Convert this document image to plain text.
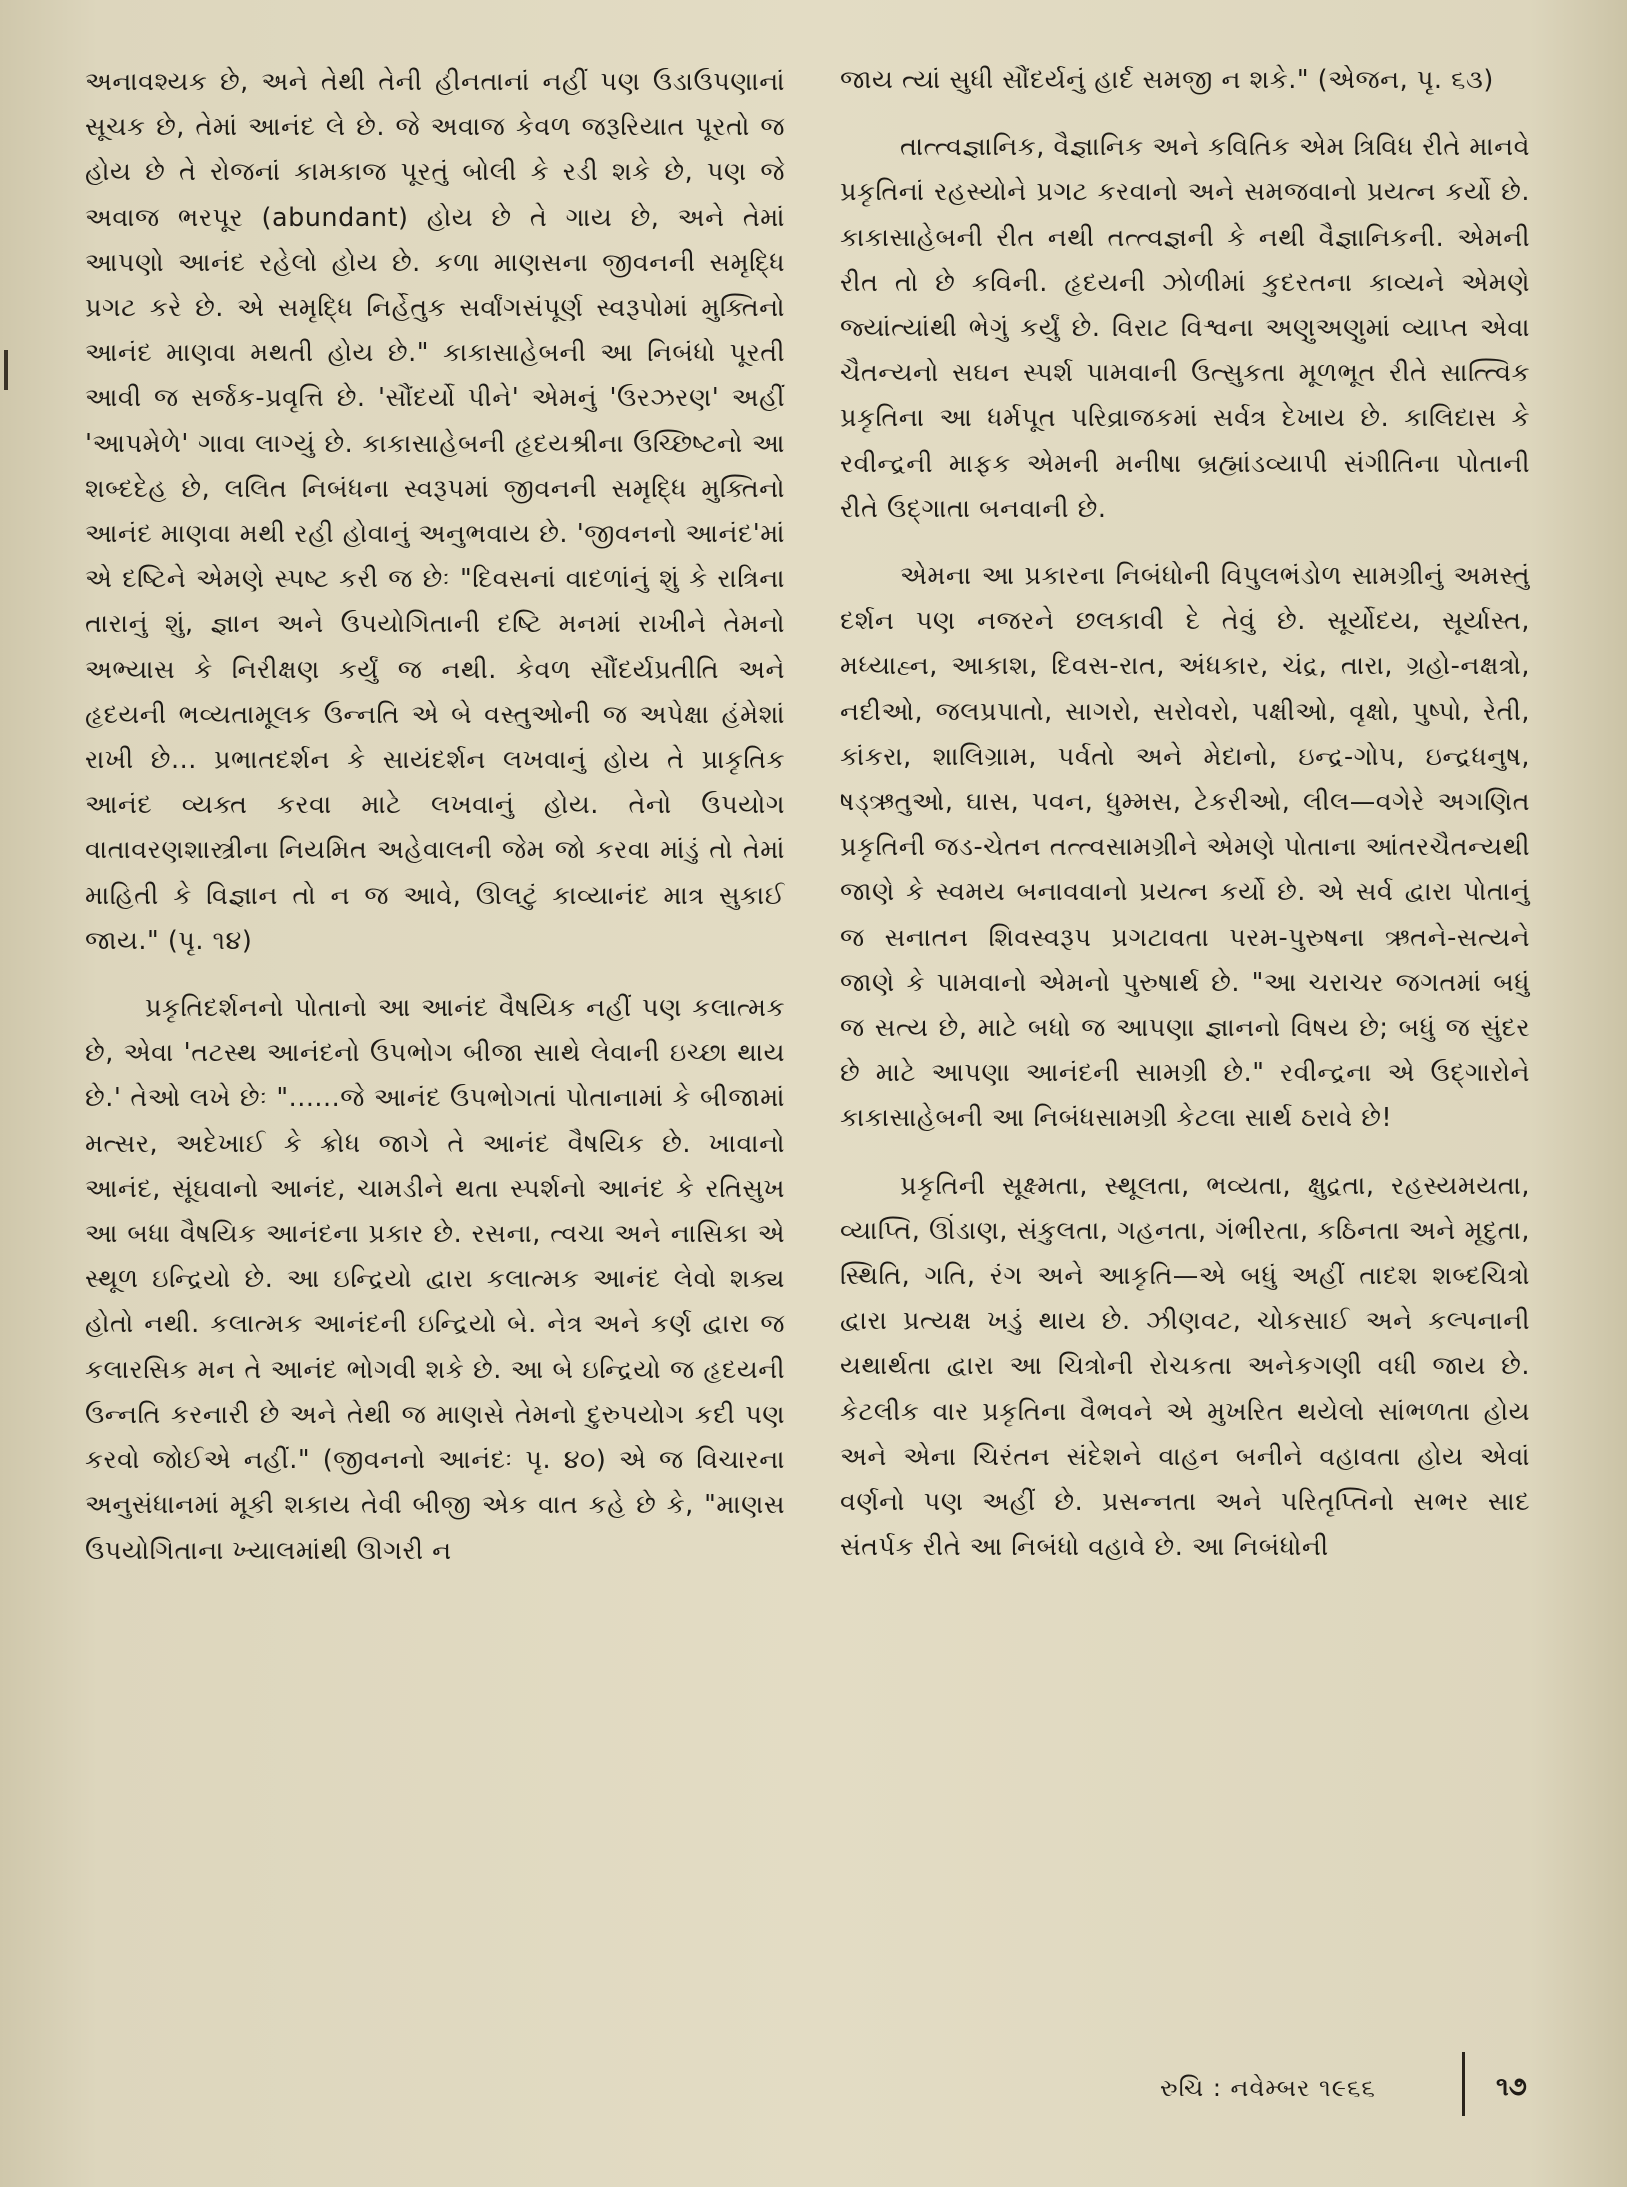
અનાવશ્યક છે, અને તેથી તેની હીનતાનાં નહીં પણ ઉડાઉપણાનાં સૂચક છે, તેમાં આનંદ લે છે. જે અવાજ કેવળ જરૂરિયાત પૂરતો જ હોય છે તે રોજનાં કામકાજ પૂરતું બોલી કે રડી શકે છે, પણ જે અવાજ ભરપૂર (abundant) હોય છે તે ગાય છે, અને તેમાં આપણો આનંદ રહેલો હોય છે. કળા માણસના જીવનની સમૃદ્ધિ પ્રગટ કરે છે. એ સમૃદ્ધિ નિર્હેતુક સર્વાંગસંપૂર્ણ સ્વરૂપોમાં મુક્તિનો આનંદ માણવા મથતી હોય છે." કાકાસાહેબની આ નિબંધો પૂરતી આવી જ સર્જક-પ્રવૃત્તિ છે. 'સૌંદર્યો પીને' એમનું 'ઉરઝરણ' અહીં 'આપમેળે' ગાવા લાગ્યું છે. કાકાસાહેબની હૃદયશ્રીના ઉચ્છિષ્ટનો આ શબ્દદેહ છે, લલિત નિબંધના સ્વરૂપમાં જીવનની સમૃદ્ધિ મુક્તિનો આનંદ માણવા મથી રહી હોવાનું અનુભવાય છે. 'જીવનનો આનંદ'માં એ દષ્ટિને એમણે સ્પષ્ટ કરી જ છેઃ "દિવસનાં વાદળાંનું શું કે રાત્રિના તારાનું શું, જ્ઞાન અને ઉપયોગિતાની દષ્ટિ મનમાં રાખીને તેમનો અભ્યાસ કે નિરીક્ષણ કર્યું જ નથી. કેવળ સૌંદર્યપ્રતીતિ અને હૃદયની ભવ્યતામૂલક ઉન્નતિ એ બે વસ્તુઓની જ અપેક્ષા હંમેશાં રાખી છે... પ્રભાતદર્શન કે સાયંદર્શન લખવાનું હોય તે પ્રાકૃતિક આનંદ વ્યક્ત કરવા માટે લખવાનું હોય. તેનો ઉપયોગ વાતાવરણશાસ્ત્રીના નિયમિત અહેવાલની જેમ જો કરવા માંડું તો તેમાં માહિતી કે વિજ્ઞાન તો ન જ આવે, ઊલટું કાવ્યાનંદ માત્ર સુકાઈ જાય." (પૃ. ૧૪)

પ્રકૃતિદર્શનનો પોતાનો આ આનંદ વૈષયિક નહીં પણ કલાત્મક છે, એવા 'તટસ્થ આનંદનો ઉપભોગ બીજા સાથે લેવાની ઇચ્છા થાય છે.' તેઓ લખે છેઃ "......જે આનંદ ઉપભોગતાં પોતાનામાં કે બીજામાં મત્સર, અદેખાઈ કે ક્રોધ જાગે તે આનંદ વૈષયિક છે. ખાવાનો આનંદ, સૂંઘવાનો આનંદ, ચામડીને થતા સ્પર્શનો આનંદ કે રતિસુખ આ બધા વૈષયિક આનંદના પ્રકાર છે. રસના, ત્વચા અને નાસિકા એ સ્થૂળ ઇન્દ્રિયો છે. આ ઇન્દ્રિયો દ્વારા કલાત્મક આનંદ લેવો શક્ય હોતો નથી. કલાત્મક આનંદની ઇન્દ્રિયો બે. નેત્ર અને કર્ણ દ્વારા જ કલારસિક મન તે આનંદ ભોગવી શકે છે. આ બે ઇન્દ્રિયો જ હૃદયની ઉન્નતિ કરનારી છે અને તેથી જ માણસે તેમનો દુરુપયોગ કદી પણ કરવો જોઈએ નહીં." (જીવનનો આનંદઃ પૃ. ૪૦) એ જ વિચારના અનુસંધાનમાં મૂકી શકાય તેવી બીજી એક વાત કહે છે કે, "માણસ ઉપયોગિતાના ખ્યાલમાંથી ઊગરી ન

જાય ત્યાં સુધી સૌંદર્યનું હાર્દ સમજી ન શકે." (એજન, પૃ. ૬૩)

તાત્ત્વજ્ઞાનિક, વૈજ્ઞાનિક અને કવિતિક એમ ત્રિવિધ રીતે માનવે પ્રકૃતિનાં રહસ્યોને પ્રગટ કરવાનો અને સમજવાનો પ્રયત્ન કર્યો છે. કાકાસાહેબની રીત નથી તત્ત્વજ્ઞની કે નથી વૈજ્ઞાનિકની. એમની રીત તો છે કવિની. હૃદયની ઝોળીમાં કુદરતના કાવ્યને એમણે જ્યાંત્યાંથી ભેગું કર્યું છે. વિરાટ વિશ્વના અણુઅણુમાં વ્યાપ્ત એવા ચૈતન્યનો સઘન સ્પર્શ પામવાની ઉત્સુકતા મૂળભૂત રીતે સાત્ત્વિક પ્રકૃતિના આ ધર્મપૂત પરિવ્રાજકમાં સર્વત્ર દેખાય છે. કાલિદાસ કે રવીન્દ્રની માફક એમની મનીષા બ્રહ્માંડવ્યાપી સંગીતિના પોતાની રીતે ઉદ્ગાતા બનવાની છે.

એમના આ પ્રકારના નિબંધોની વિપુલભંડોળ સામગ્રીનું અમસ્તું દર્શન પણ નજરને છલકાવી દે તેવું છે. સૂર્યોદય, સૂર્યાસ્ત, મધ્યાહ્ન, આકાશ, દિવસ-રાત, અંધકાર, ચંદ્ર, તારા, ગ્રહો-નક્ષત્રો, નદીઓ, જલપ્રપાતો, સાગરો, સરોવરો, પક્ષીઓ, વૃક્ષો, પુષ્પો, રેતી, કાંકરા, શાલિગ્રામ, પર્વતો અને મેદાનો, ઇન્દ્ર-ગોપ, ઇન્દ્રધનુષ, ષડ્ઋતુઓ, ઘાસ, પવન, ધુમ્મસ, ટેકરીઓ, લીલ—વગેરે અગણિત પ્રકૃતિની જડ-ચેતન તત્ત્વસામગ્રીને એમણે પોતાના આંતરચૈતન્યથી જાણે કે સ્વમય બનાવવાનો પ્રયત્ન કર્યો છે. એ સર્વ દ્વારા પોતાનું જ સનાતન શિવસ્વરૂપ પ્રગટાવતા પરમ-પુરુષના ઋતને-સત્યને જાણે કે પામવાનો એમનો પુરુષાર્થ છે. "આ ચરાચર જગતમાં બધું જ સત્ય છે, માટે બધો જ આપણા જ્ઞાનનો વિષય છે; બધું જ સુંદર છે માટે આપણા આનંદની સામગ્રી છે." રવીન્દ્રના એ ઉદ્ગારોને કાકાસાહેબની આ નિબંધસામગ્રી કેટલા સાર્થ ઠરાવે છે!

પ્રકૃતિની સૂક્ષ્મતા, સ્થૂલતા, ભવ્યતા, ક્ષુદ્રતા, રહસ્યમયતા, વ્યાપ્તિ, ઊંડાણ, સંકુલતા, ગહનતા, ગંભીરતા, કઠિનતા અને મૃદુતા, સ્થિતિ, ગતિ, રંગ અને આકૃતિ—એ બધું અહીં તાદશ શબ્દચિત્રો દ્વારા પ્રત્યક્ષ ખડું થાય છે. ઝીણવટ, ચોકસાઈ અને કલ્પનાની યથાર્થતા દ્વારા આ ચિત્રોની રોચકતા અનેકગણી વધી જાય છે. કેટલીક વાર પ્રકૃતિના વૈભવને એ મુખરિત થયેલો સાંભળતા હોય અને એના ચિરંતન સંદેશને વાહન બનીને વહાવતા હોય એવાં વર્ણનો પણ અહીં છે. પ્રસન્નતા અને પરિતૃપ્તિનો સભર સાદ સંતર્પક રીતે આ નિબંધો વહાવે છે. આ નિબંધોની

રુચિ : નવેમ્બર ૧૯૬૬	૧૭
